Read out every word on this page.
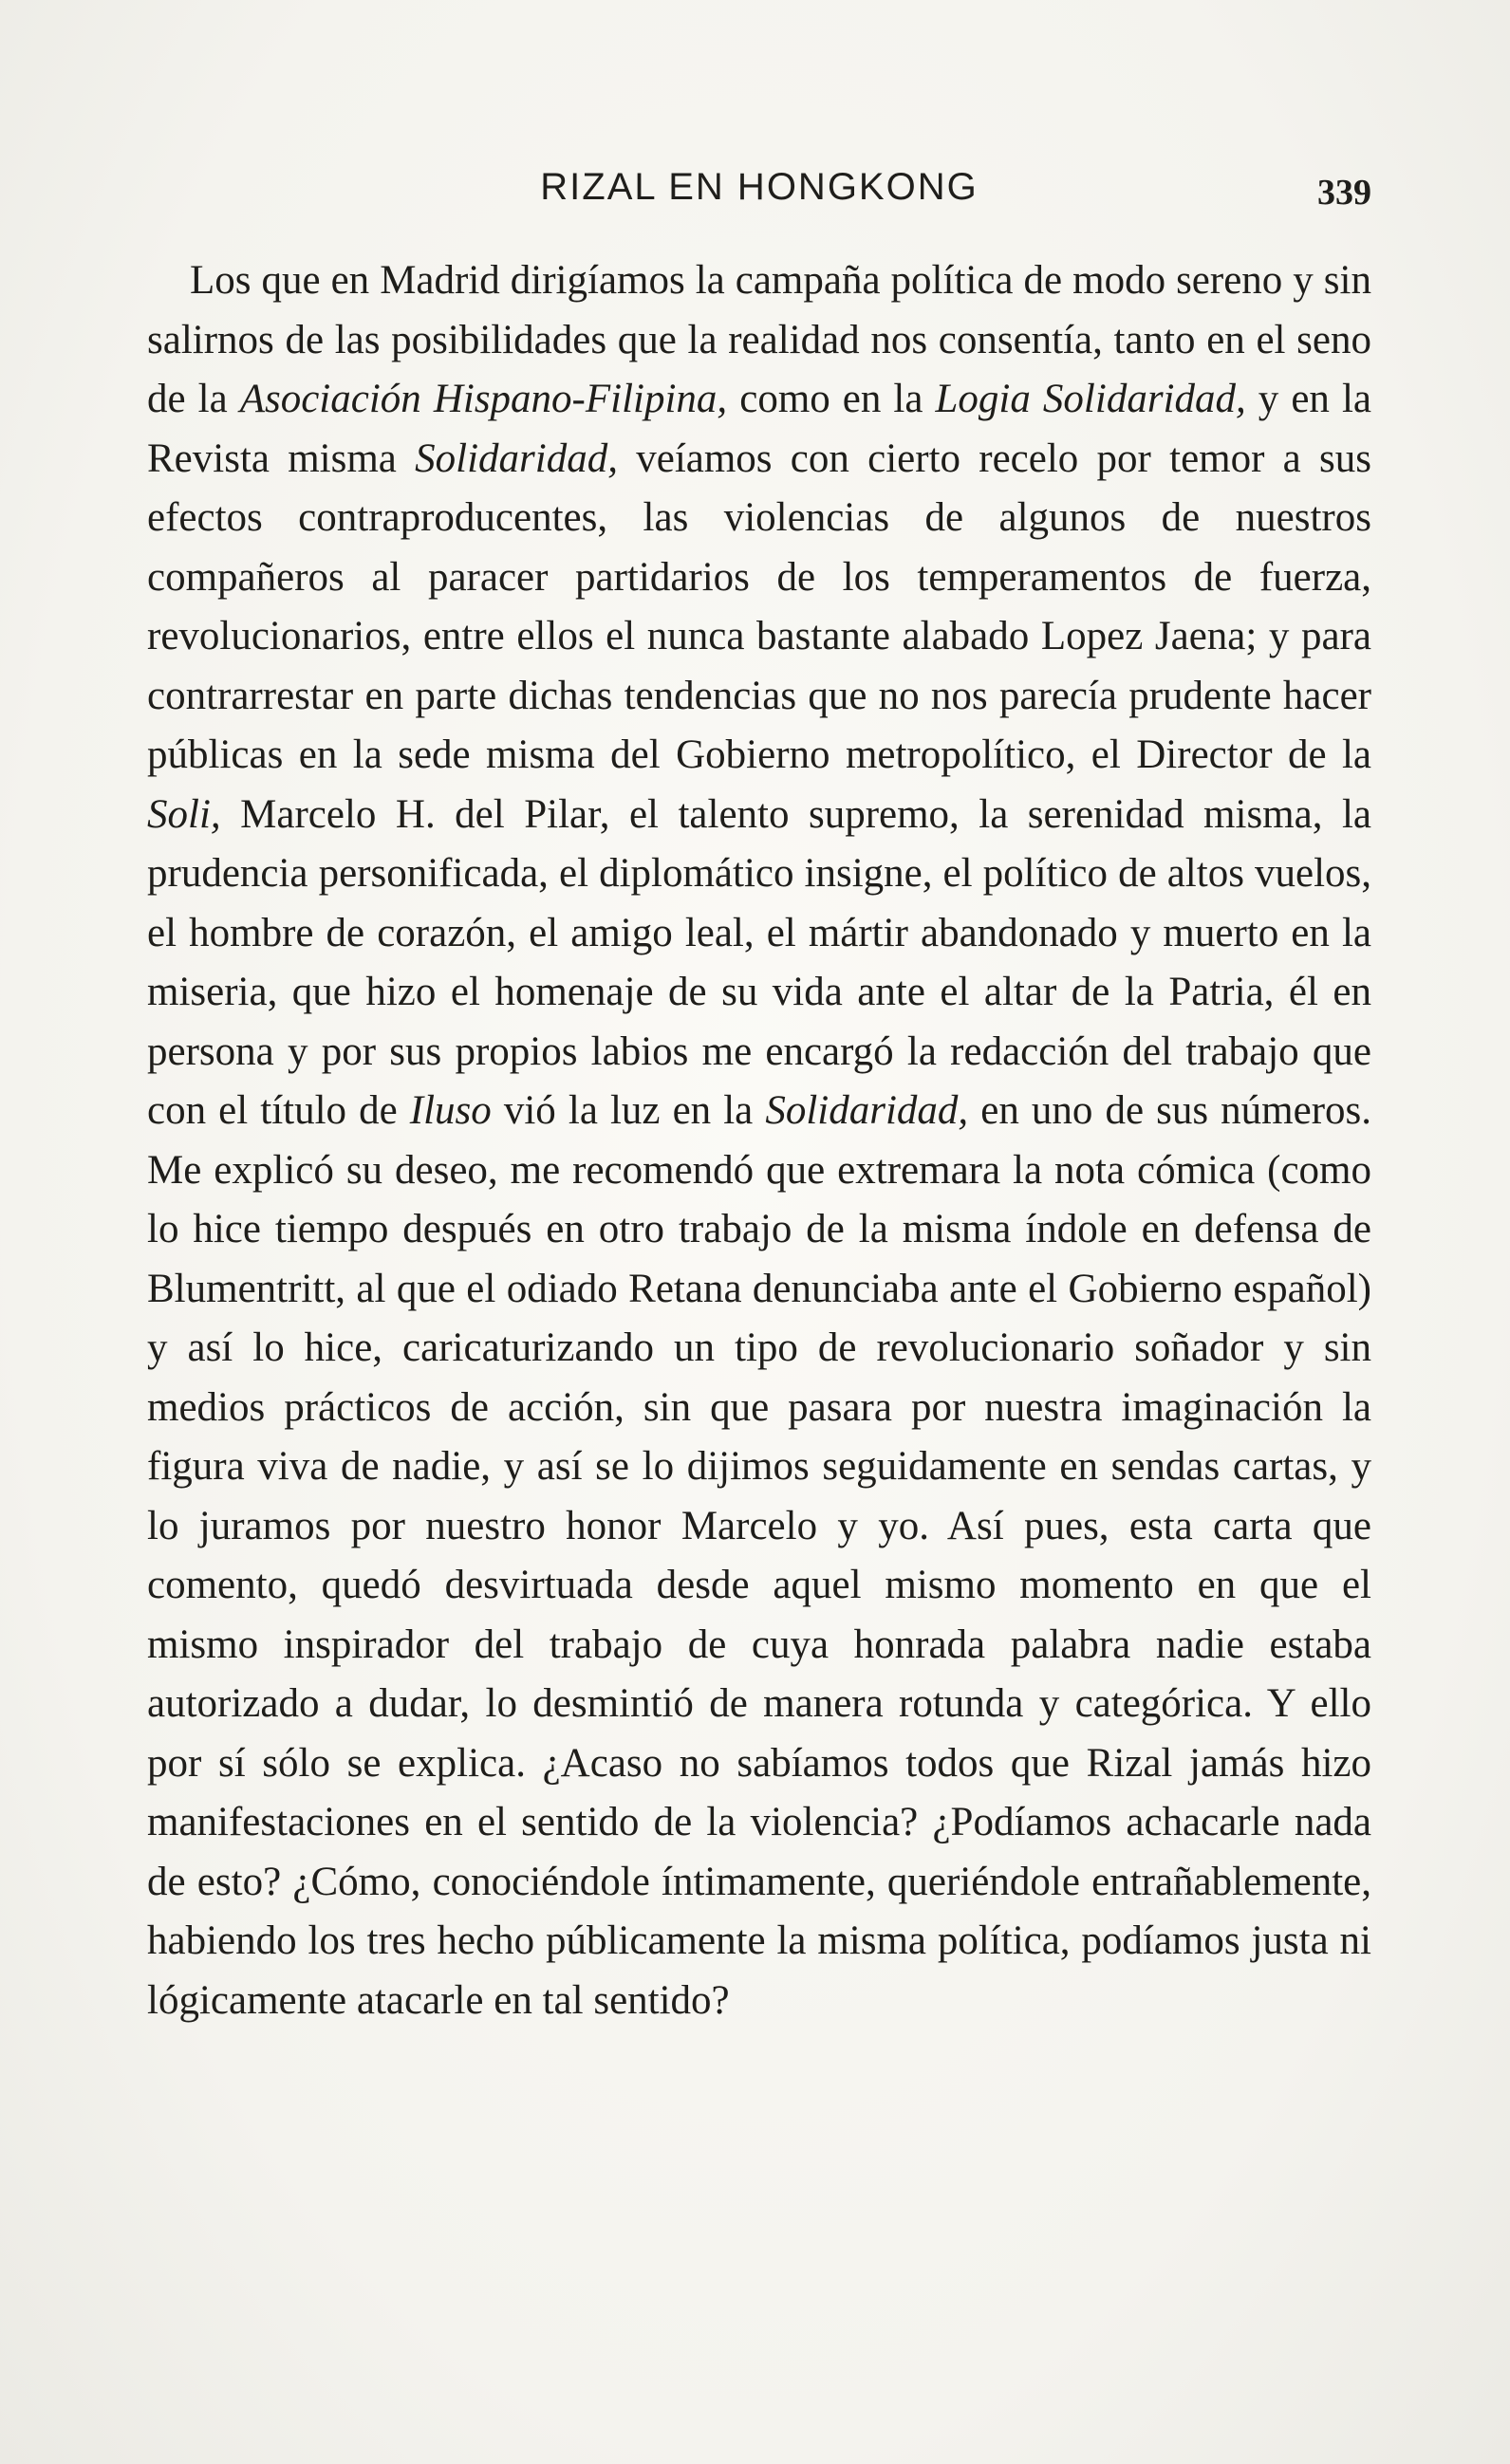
RIZAL EN HONGKONG	339

Los que en Madrid dirigíamos la campaña política de modo sereno y sin salirnos de las posibilidades que la realidad nos consentía, tanto en el seno de la Asociación Hispano-Filipina, como en la Logia Solidaridad, y en la Revista misma Solidaridad, veíamos con cierto recelo por temor a sus efectos contraproducentes, las violencias de algunos de nuestros compañeros al paracer partidarios de los temperamentos de fuerza, revolucionarios, entre ellos el nunca bastante alabado Lopez Jaena; y para contrarrestar en parte dichas tendencias que no nos parecía prudente hacer públicas en la sede misma del Gobierno metropolítico, el Director de la Soli, Marcelo H. del Pilar, el talento supremo, la serenidad misma, la prudencia personificada, el diplomático insigne, el político de altos vuelos, el hombre de corazón, el amigo leal, el mártir abandonado y muerto en la miseria, que hizo el homenaje de su vida ante el altar de la Patria, él en persona y por sus propios labios me encargó la redacción del trabajo que con el título de Iluso vió la luz en la Solidaridad, en uno de sus números. Me explicó su deseo, me recomendó que extremara la nota cómica (como lo hice tiempo después en otro trabajo de la misma índole en defensa de Blumentritt, al que el odiado Retana denunciaba ante el Gobierno español) y así lo hice, caricaturizando un tipo de revolucionario soñador y sin medios prácticos de acción, sin que pasara por nuestra imaginación la figura viva de nadie, y así se lo dijimos seguidamente en sendas cartas, y lo juramos por nuestro honor Marcelo y yo. Así pues, esta carta que comento, quedó desvirtuada desde aquel mismo momento en que el mismo inspirador del trabajo de cuya honrada palabra nadie estaba autorizado a dudar, lo desmintió de manera rotunda y categórica. Y ello por sí sólo se explica. ¿Acaso no sabíamos todos que Rizal jamás hizo manifestaciones en el sentido de la violencia? ¿Podíamos achacarle nada de esto? ¿Cómo, conociéndole íntimamente, queriéndole entrañablemente, habiendo los tres hecho públicamente la misma política, podíamos justa ni lógicamente atacarle en tal sentido?
